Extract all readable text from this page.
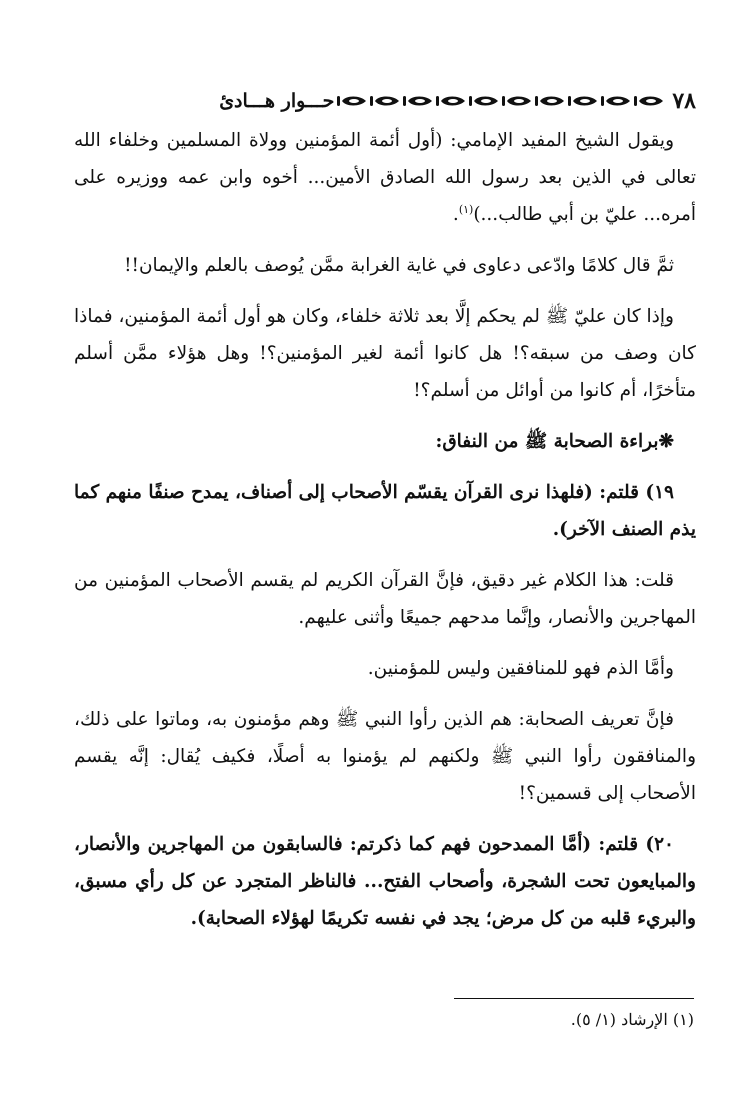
٧٨
حـــوار هـــادئ

ويقول الشيخ المفيد الإمامي: (أول أئمة المؤمنين وولاة المسلمين وخلفاء الله تعالى في الذين بعد رسول الله الصادق الأمين... أخوه وابن عمه ووزيره على أمره... عليّ بن أبي طالب...)$^{(١)}$.

ثمَّ قال كلامًا وادّعى دعاوى في غاية الغرابة ممَّن يُوصف بالعلم والإيمان!!

وإذا كان عليّ ﷺ لم يحكم إلَّا بعد ثلاثة خلفاء، وكان هو أول أئمة المؤمنين، فماذا كان وصف من سبقه؟! هل كانوا أئمة لغير المؤمنين؟! وهل هؤلاء ممَّن أسلم متأخرًا، أم كانوا من أوائل من أسلم؟!

❋براءة الصحابة ﷺ من النفاق:

١٩) قلتم: (فلهذا نرى القرآن يقسّم الأصحاب إلى أصناف، يمدح صنفًا منهم كما يذم الصنف الآخر).

قلت: هذا الكلام غير دقيق، فإنَّ القرآن الكريم لم يقسم الأصحاب المؤمنين من المهاجرين والأنصار، وإنَّما مدحهم جميعًا وأثنى عليهم.

وأمَّا الذم فهو للمنافقين وليس للمؤمنين.

فإنَّ تعريف الصحابة: هم الذين رأوا النبي ﷺ وهم مؤمنون به، وماتوا على ذلك، والمنافقون رأوا النبي ﷺ ولكنهم لم يؤمنوا به أصلًا، فكيف يُقال: إنَّه يقسم الأصحاب إلى قسمين؟!

٢٠) قلتم: (أمَّا الممدحون فهم كما ذكرتم: فالسابقون من المهاجرين والأنصار، والمبايعون تحت الشجرة، وأصحاب الفتح... فالناظر المتجرد عن كل رأي مسبق، والبريء قلبه من كل مرض؛ يجد في نفسه تكريمًا لهؤلاء الصحابة).

(١) الإرشاد (١/ ٥).
